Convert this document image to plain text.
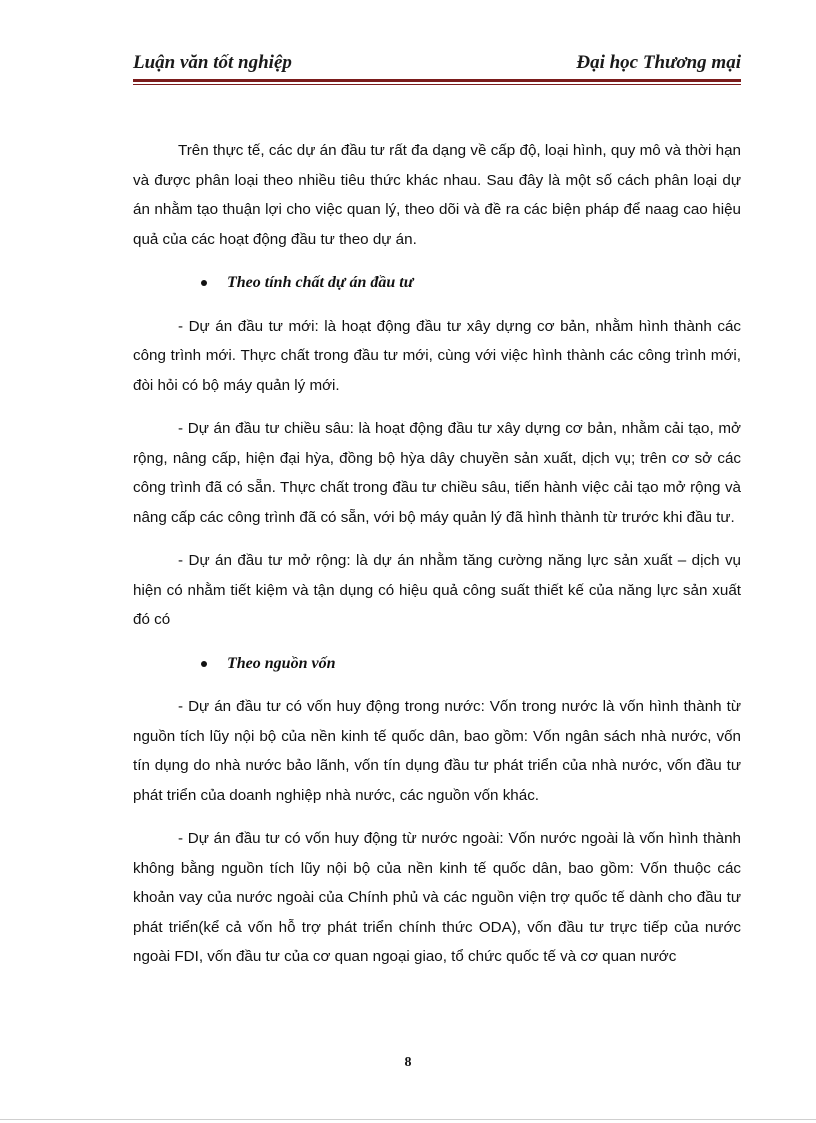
Luận văn tốt nghiệp	Đại học Thương mại

Trên thực tế, các dự án đầu tư rất đa dạng về cấp độ, loại hình, quy mô và thời hạn và được phân loại theo nhiều tiêu thức khác nhau. Sau đây là một số cách phân loại dự án nhằm tạo thuận lợi cho việc quan lý, theo dõi và đề ra các biện pháp để naag cao hiệu quả của các hoạt động đầu tư theo dự án.

Theo tính chất dự án đầu tư

- Dự án đầu tư mới: là hoạt động đầu tư xây dựng cơ bản, nhằm hình thành các công trình mới. Thực chất trong đầu tư mới, cùng với việc hình thành các công trình mới, đòi hỏi có bộ máy quản lý mới.

- Dự án đầu tư chiều sâu: là hoạt động đầu tư xây dựng cơ bản, nhằm cải tạo, mở rộng, nâng cấp, hiện đại hỳa, đồng bộ hỳa dây chuyền sản xuất, dịch vụ; trên cơ sở các công trình đã có sẵn. Thực chất trong đầu tư chiều sâu, tiến hành việc cải tạo mở rộng và nâng cấp các công trình đã có sẵn, với bộ máy quản lý đã hình thành từ trước khi đầu tư.

- Dự án đầu tư mở rộng: là dự án nhằm tăng cường năng lực sản xuất – dịch vụ hiện có nhằm tiết kiệm và tận dụng có hiệu quả công suất thiết kế của năng lực sản xuất đó có

Theo nguồn vốn

- Dự án đầu tư có vốn huy động trong nước: Vốn trong nước là vốn hình thành từ nguồn tích lũy nội bộ của nền kinh tế quốc dân, bao gồm: Vốn ngân sách nhà nước, vốn tín dụng do nhà nước bảo lãnh, vốn tín dụng đầu tư phát triển của nhà nước, vốn đầu tư phát triển của doanh nghiệp nhà nước, các nguồn vốn khác.

- Dự án đầu tư có vốn huy động từ nước ngoài: Vốn nước ngoài là vốn hình thành không bằng nguồn tích lũy nội bộ của nền kinh tế quốc dân, bao gồm: Vốn thuộc các khoản vay của nước ngoài của Chính phủ và các nguồn viện trợ quốc tế dành cho đầu tư phát triển(kể cả vốn hỗ trợ phát triển chính thức ODA), vốn đầu tư trực tiếp của nước ngoài FDI, vốn đầu tư của cơ quan ngoại giao, tổ chức quốc tế và cơ quan nước

8
